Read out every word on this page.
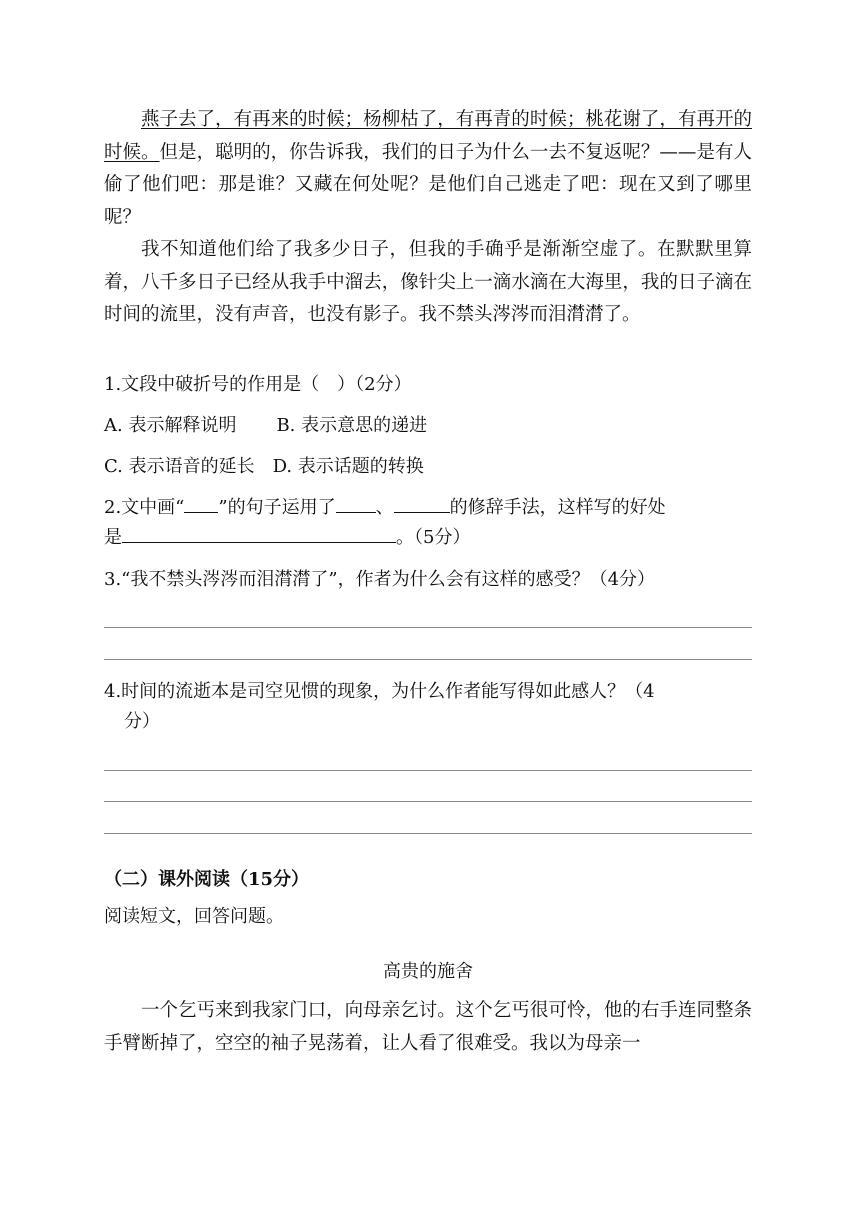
燕子去了，有再来的时候；杨柳枯了，有再青的时候；桃花谢了，有再开的时候。但是，聪明的，你告诉我，我们的日子为什么一去不复返呢？——是有人偷了他们吧：那是谁？又藏在何处呢？是他们自己逃走了吧：现在又到了哪里呢？

我不知道他们给了我多少日子，但我的手确乎是渐渐空虚了。在默默里算着，八千多日子已经从我手中溜去，像针尖上一滴水滴在大海里，我的日子滴在时间的流里，没有声音，也没有影子。我不禁头涔涔而泪潸潸了。

1.文段中破折号的作用是（　）（2分）

A. 表示解释说明 B. 表示意思的递进

C. 表示语音的延长 D. 表示话题的转换

2.文中画“ ”的句子运用了 、	的修辞手法，这样写的好处

是	。（5分）

3.“我不禁头涔涔而泪潸潸了”，作者为什么会有这样的感受？（4分）

4.时间的流逝本是司空见惯的现象，为什么作者能写得如此感人？（4
分）

（二）课外阅读（15分）

阅读短文，回答问题。

高贵的施舍

一个乞丐来到我家门口，向母亲乞讨。这个乞丐很可怜，他的右手连同整条手臂断掉了，空空的袖子晃荡着，让人看了很难受。我以为母亲一
